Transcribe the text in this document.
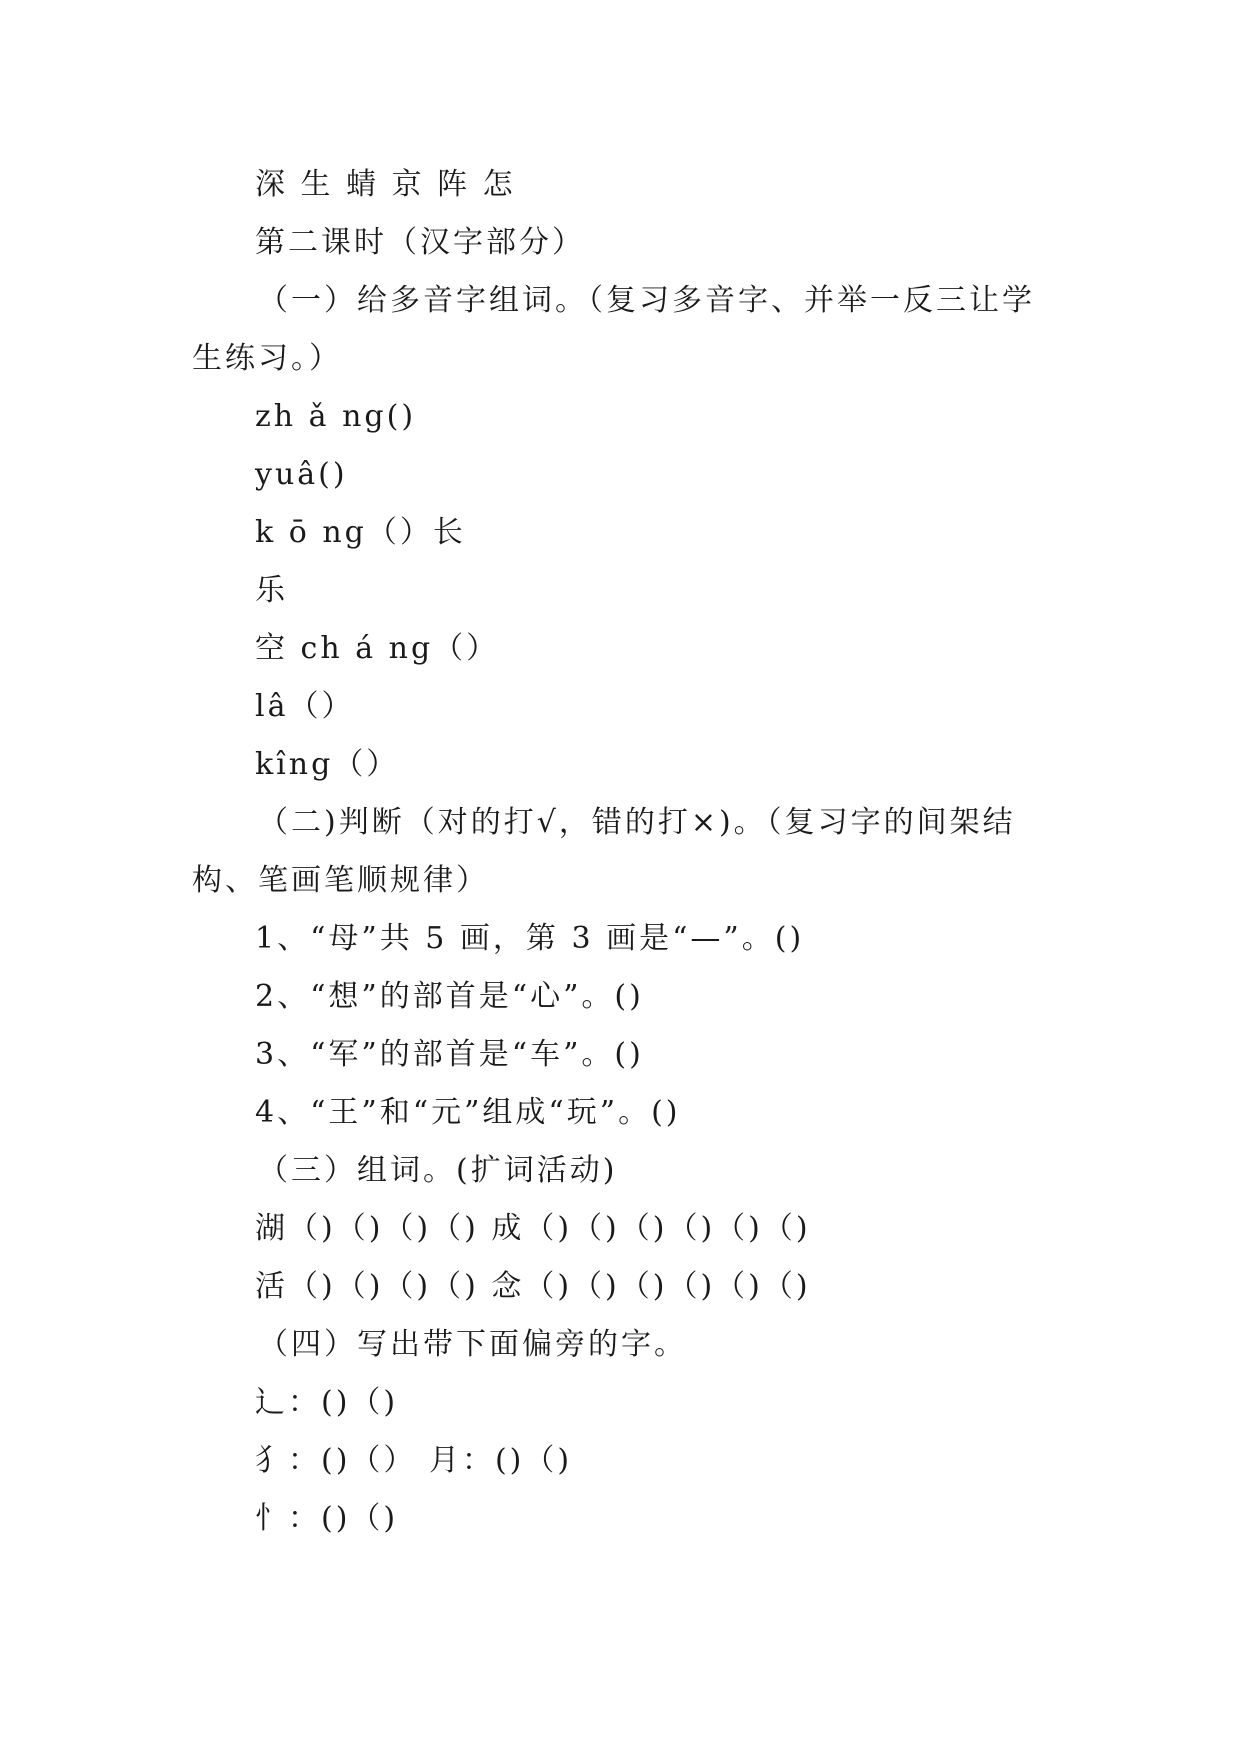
深 生 蜻 京 阵 怎
第二课时（汉字部分）
（一）给多音字组词。（复习多音字、并举一反三让学
生练习。）
zh ǎ ng()
yuâ()
k ō ng（）长
乐
空 ch á ng（）
lâ（）
kîng（）
（二)判断（对的打√，错的打×)。（复习字的间架结
构、笔画笔顺规律）
1、“母”共 5 画，第 3 画是“—”。()
2、“想”的部首是“心”。()
3、“军”的部首是“车”。()
4、“王”和“元”组成“玩”。()
（三）组词。(扩词活动)
湖（)（)（)（) 成（)（)（)（)（)（)
活（)（)（)（) 念（)（)（)（)（)（)
（四）写出带下面偏旁的字。
辶：()（)
犭：()（） 月：()（)
忄：()（)
